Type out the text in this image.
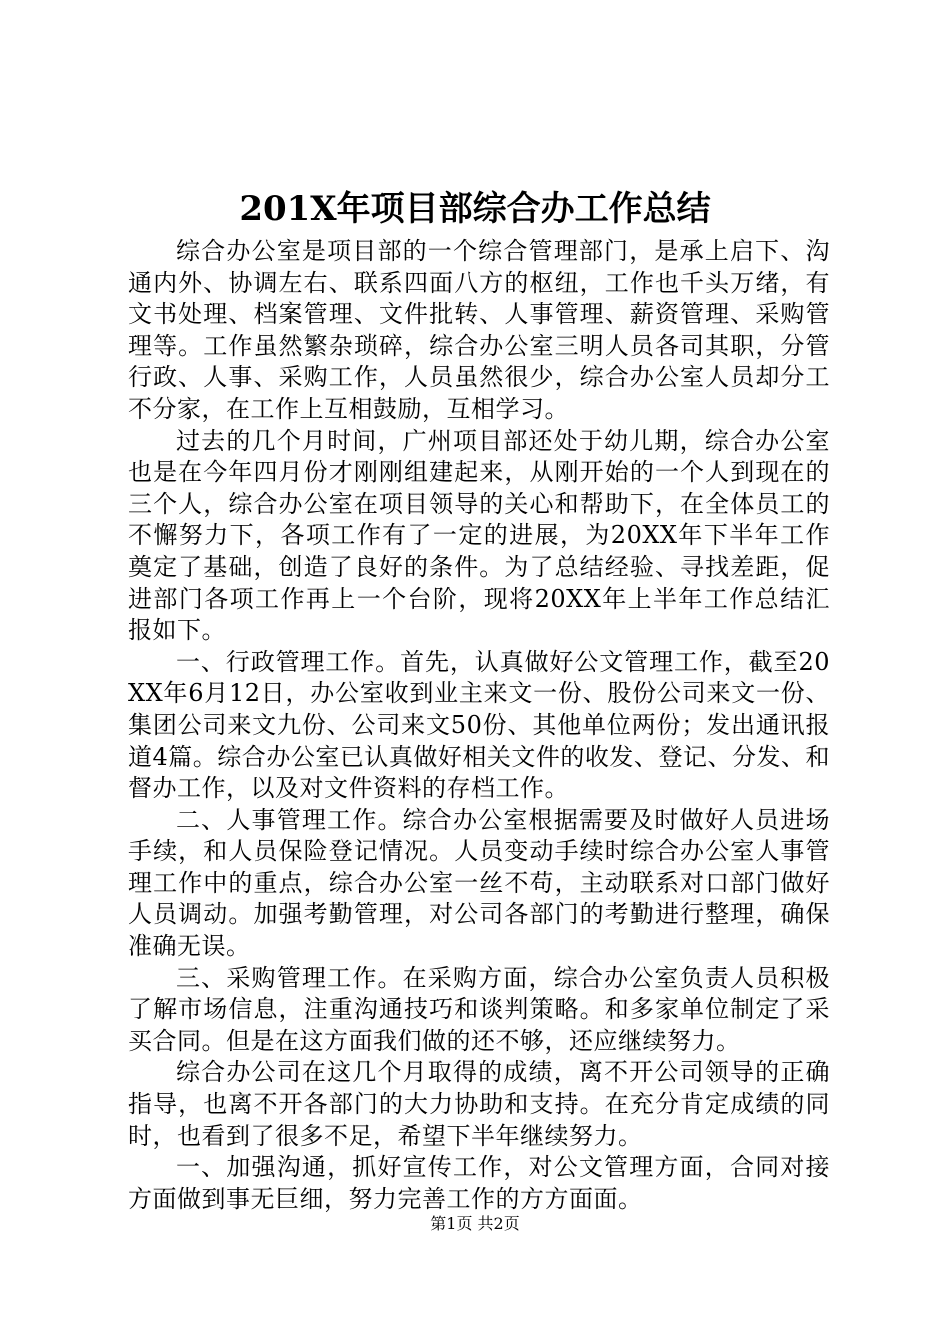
201X年项目部综合办工作总结

综合办公室是项目部的一个综合管理部门，是承上启下、沟通内外、协调左右、联系四面八方的枢纽，工作也千头万绪，有文书处理、档案管理、文件批转、人事管理、薪资管理、采购管理等。工作虽然繁杂琐碎，综合办公室三明人员各司其职，分管行政、人事、采购工作，人员虽然很少，综合办公室人员却分工不分家，在工作上互相鼓励，互相学习。

过去的几个月时间，广州项目部还处于幼儿期，综合办公室也是在今年四月份才刚刚组建起来，从刚开始的一个人到现在的三个人，综合办公室在项目领导的关心和帮助下，在全体员工的不懈努力下，各项工作有了一定的进展，为20XX年下半年工作奠定了基础，创造了良好的条件。为了总结经验、寻找差距，促进部门各项工作再上一个台阶，现将20XX年上半年工作总结汇报如下。

一、行政管理工作。首先，认真做好公文管理工作，截至20XX年6月12日，办公室收到业主来文一份、股份公司来文一份、集团公司来文九份、公司来文50份、其他单位两份；发出通讯报道4篇。综合办公室已认真做好相关文件的收发、登记、分发、和督办工作，以及对文件资料的存档工作。

二、人事管理工作。综合办公室根据需要及时做好人员进场手续，和人员保险登记情况。人员变动手续时综合办公室人事管理工作中的重点，综合办公室一丝不苟，主动联系对口部门做好人员调动。加强考勤管理，对公司各部门的考勤进行整理，确保准确无误。

三、采购管理工作。在采购方面，综合办公室负责人员积极了解市场信息，注重沟通技巧和谈判策略。和多家单位制定了采买合同。但是在这方面我们做的还不够，还应继续努力。

综合办公司在这几个月取得的成绩，离不开公司领导的正确指导，也离不开各部门的大力协助和支持。在充分肯定成绩的同时，也看到了很多不足，希望下半年继续努力。

一、加强沟通，抓好宣传工作，对公文管理方面，合同对接方面做到事无巨细，努力完善工作的方方面面。

第1页 共2页
